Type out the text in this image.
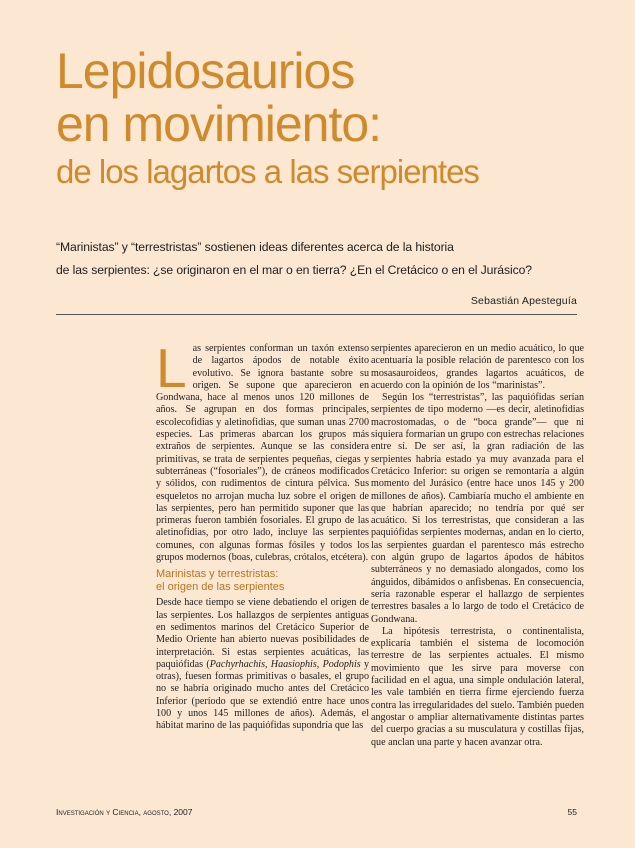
Lepidosaurios
en movimiento:
de los lagartos a las serpientes
“Marinistas” y “terrestristas” sostienen ideas diferentes acerca de la historia
de las serpientes: ¿se originaron en el mar o en tierra? ¿En el Cretácico o en el Jurásico?
Sebastián Apesteguía

Las serpientes conforman un taxón extenso de lagartos ápodos de notable éxito evolutivo. Se ignora bastante sobre su origen. Se supone que aparecieron en Gondwana, hace al menos unos 120 millones de años. Se agrupan en dos formas principales, escolecofidias y aletinofidias, que suman unas 2700 especies. Las primeras abarcan los grupos más extraños de serpientes. Aunque se las considera primitivas, se trata de serpientes pequeñas, ciegas y subterráneas (“fosoriales”), de cráneos modificados y sólidos, con rudimentos de cintura pélvica. Sus esqueletos no arrojan mucha luz sobre el origen de las serpientes, pero han permitido suponer que las primeras fueron también fosoriales. El grupo de las aletinofidias, por otro lado, incluye las serpientes comunes, con algunas formas fósiles y todos los grupos modernos (boas, culebras, crótalos, etcétera).

Marinistas y terrestristas:
el origen de las serpientes

Desde hace tiempo se viene debatiendo el origen de las serpientes. Los hallazgos de serpientes antiguas en sedimentos marinos del Cretácico Superior de Medio Oriente han abierto nuevas posibilidades de interpretación. Si estas serpientes acuáticas, las paquiófidas (Pachyrhachis, Haasiophis, Podophis y otras), fuesen formas primitivas o basales, el grupo no se habría originado mucho antes del Cretácico Inferior (período que se extendió entre hace unos 100 y unos 145 millones de años). Además, el hábitat marino de las paquiófidas supondría que las

serpientes aparecieron en un medio acuático, lo que acentuaría la posible relación de parentesco con los mosasauroideos, grandes lagartos acuáticos, de acuerdo con la opinión de los “marinistas”.

Según los “terrestristas”, las paquiófidas serían serpientes de tipo moderno —es decir, aletinofidias macrostomadas, o de “boca grande”— que ni siquiera formarían un grupo con estrechas relaciones entre sí. De ser así, la gran radiación de las serpientes habría estado ya muy avanzada para el Cretácico Inferior: su origen se remontaría a algún momento del Jurásico (entre hace unos 145 y 200 millones de años). Cambiaría mucho el ambiente en que habrían aparecido; no tendría por qué ser acuático. Si los terrestristas, que consideran a las paquiófidas serpientes modernas, andan en lo cierto, las serpientes guardan el parentesco más estrecho con algún grupo de lagartos ápodos de hábitos subterráneos y no demasiado alongados, como los ánguidos, dibámidos o anfisbenas. En consecuencia, sería razonable esperar el hallazgo de serpientes terrestres basales a lo largo de todo el Cretácico de Gondwana.

La hipótesis terrestrista, o continentalista, explicaría también el sistema de locomoción terrestre de las serpientes actuales. El mismo movimiento que les sirve para moverse con facilidad en el agua, una simple ondulación lateral, les vale también en tierra firme ejerciendo fuerza contra las irregularidades del suelo. También pueden angostar o ampliar alternativamente distintas partes del cuerpo gracias a su musculatura y costillas fijas, que anclan una parte y hacen avanzar otra.

Investigación y Ciencia, agosto, 2007	55
